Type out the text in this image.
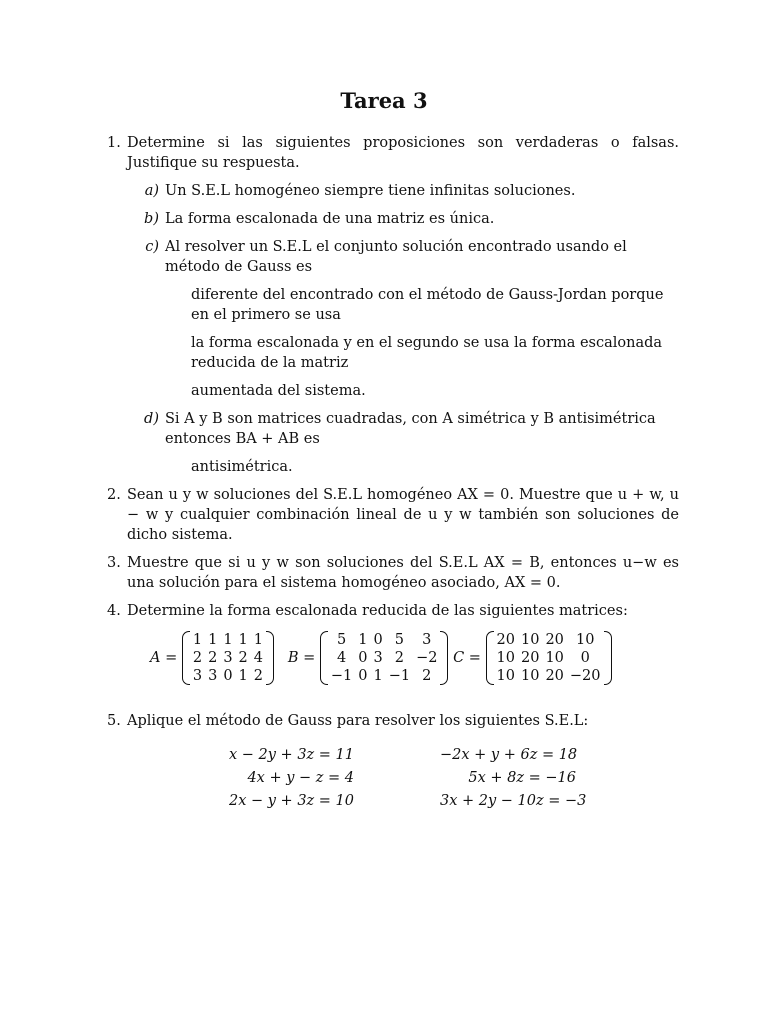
Tarea 3
1. Determine si las siguientes proposiciones son verdaderas o falsas. Justifique su respuesta.
a) Un S.E.L homogéneo siempre tiene infinitas soluciones.
b) La forma escalonada de una matriz es única.
c) Al resolver un S.E.L el conjunto solución encontrado usando el método de Gauss es
diferente del encontrado con el método de Gauss-Jordan porque en el primero se usa
la forma escalonada y en el segundo se usa la forma escalonada reducida de la matriz
aumentada del sistema.
d) Si A y B son matrices cuadradas, con A simétrica y B antisimétrica entonces BA + AB es
antisimétrica.
2. Sean u y w soluciones del S.E.L homogéneo AX = 0. Muestre que u + w, u − w y cualquier combinación lineal de u y w también son soluciones de dicho sistema.
3. Muestre que si u y w son soluciones del S.E.L AX = B, entonces u−w es una solución para el sistema homogéneo asociado, AX = 0.
4. Determine la forma escalonada reducida de las siguientes matrices:
A =
1	1	1	1	1
2	2	3	2	4
3	3	0	1	2
B =
5	1	0	5	3
4	0	3	2	−2
−1	0	1	−1	2
C =
20	10	20	10
10	20	10	0
10	10	20	−20
5. Aplique el método de Gauss para resolver los siguientes S.E.L:
x − 2y + 3z = 11
4x + y − z = 4
2x − y + 3z = 10
−2x + y + 6z = 18
5x + 8z = −16
3x + 2y − 10z = −3
